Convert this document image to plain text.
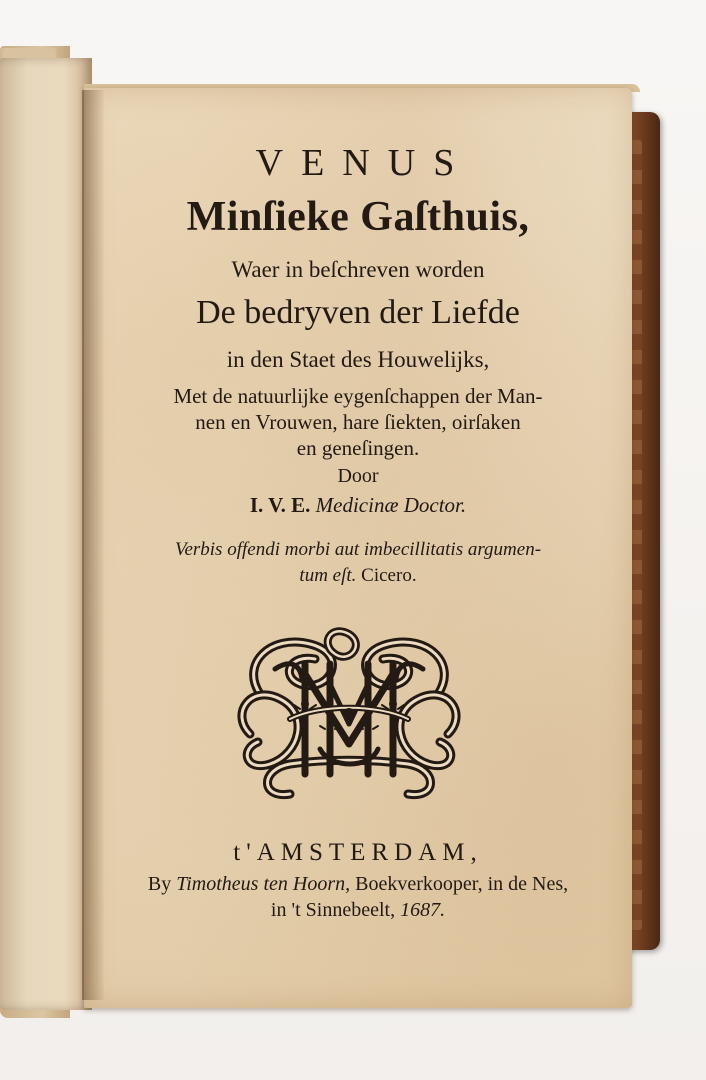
VENUS
Minſieke Gaſthuis,
Waer in beſchreven worden
De bedryven der Liefde
in den Staet des Houwelijks,
Met de natuurlijke eygenſchappen der Man-
nen en Vrouwen, hare ſiekten, oirſaken
en geneſingen.
Door
I. V. E. Medicinæ Doctor.
Verbis offendi morbi aut imbecillitatis argumen-
tum eſt. Cicero.
t'AMSTERDAM,
By Timotheus ten Hoorn, Boekverkooper, in de Nes,
in 't Sinnebeelt, 1687.
